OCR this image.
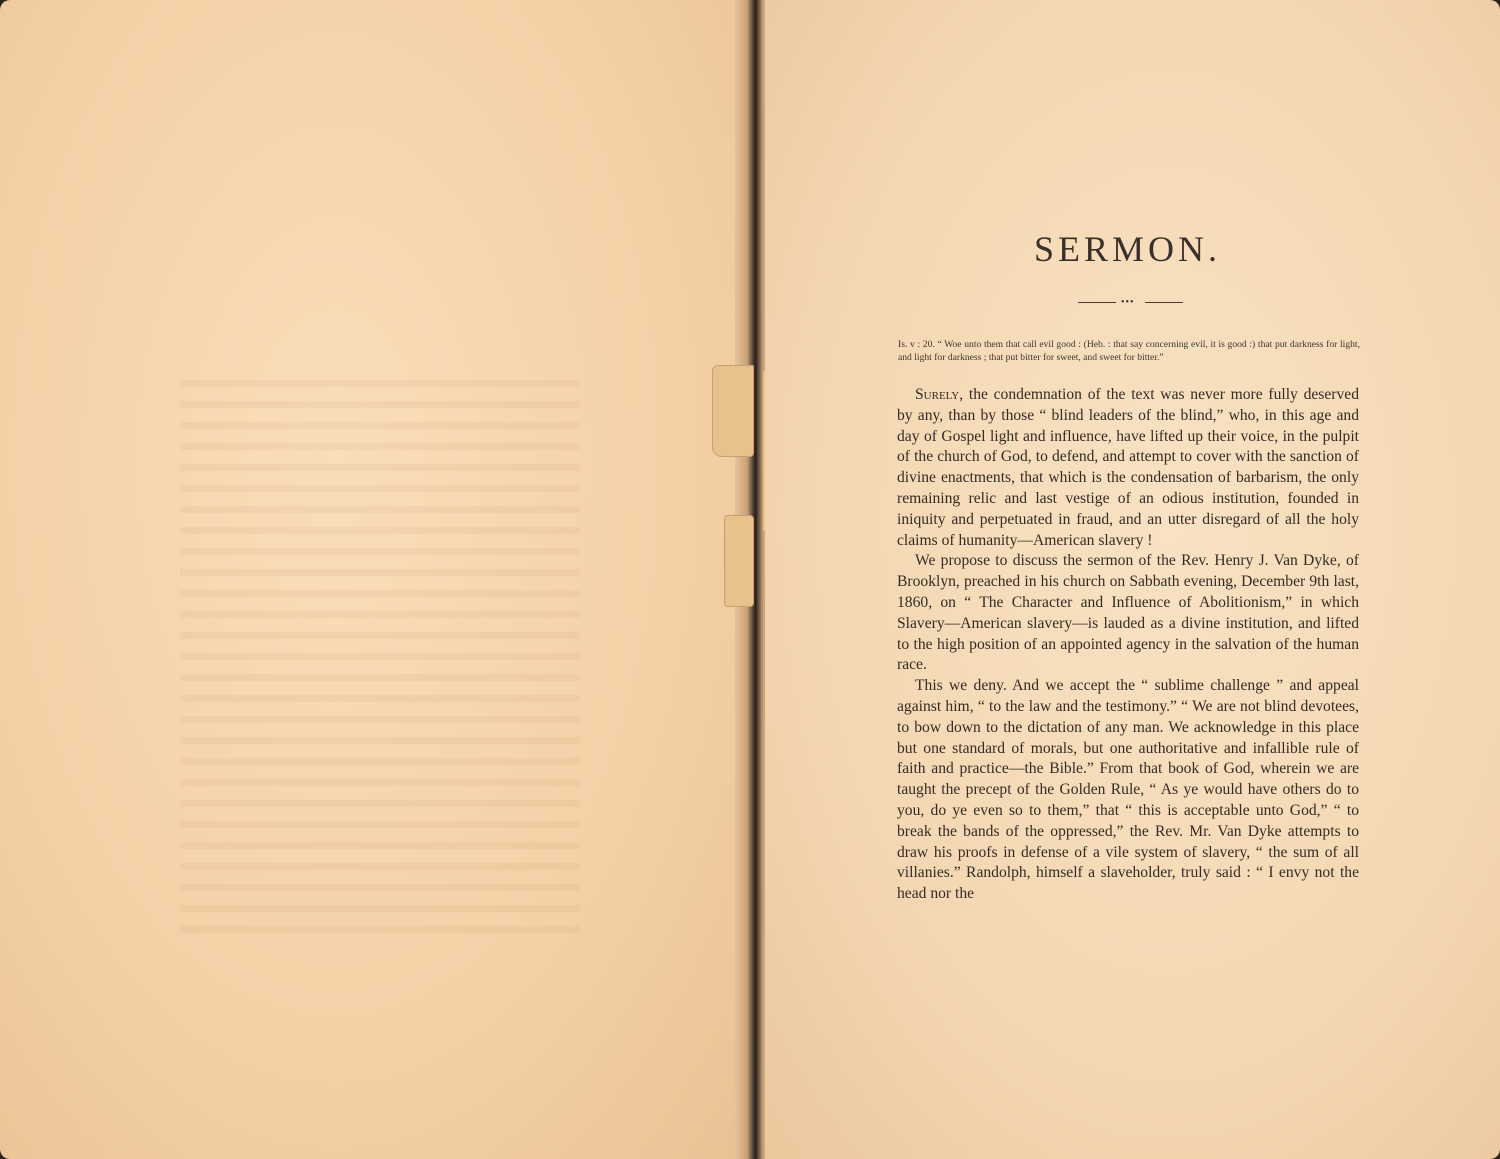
SERMON.
•••
Is. v : 20. “ Woe unto them that call evil good : (Heb. : that say concerning evil, it is good :) that put darkness for light, and light for darkness ; that put bitter for sweet, and sweet for bitter.”

Surely, the condemnation of the text was never more fully deserved by any, than by those “ blind leaders of the blind,” who, in this age and day of Gospel light and influence, have lifted up their voice, in the pulpit of the church of God, to defend, and attempt to cover with the sanction of divine enactments, that which is the condensation of barbarism, the only remaining relic and last vestige of an odious institution, founded in iniquity and perpetuated in fraud, and an utter disregard of all the holy claims of humanity—American slavery !

We propose to discuss the sermon of the Rev. Henry J. Van Dyke, of Brooklyn, preached in his church on Sabbath evening, December 9th last, 1860, on “ The Character and Influence of Abolitionism,” in which Slavery—American slavery—is lauded as a divine institution, and lifted to the high position of an appointed agency in the salvation of the human race.

This we deny. And we accept the “ sublime challenge ” and appeal against him, “ to the law and the testimony.” “ We are not blind devotees, to bow down to the dictation of any man. We acknowledge in this place but one standard of morals, but one authoritative and infallible rule of faith and practice—the Bible.” From that book of God, wherein we are taught the precept of the Golden Rule, “ As ye would have others do to you, do ye even so to them,” that “ this is acceptable unto God,” “ to break the bands of the oppressed,” the Rev. Mr. Van Dyke attempts to draw his proofs in defense of a vile system of slavery, “ the sum of all villanies.” Randolph, himself a slaveholder, truly said : “ I envy not the head nor the
